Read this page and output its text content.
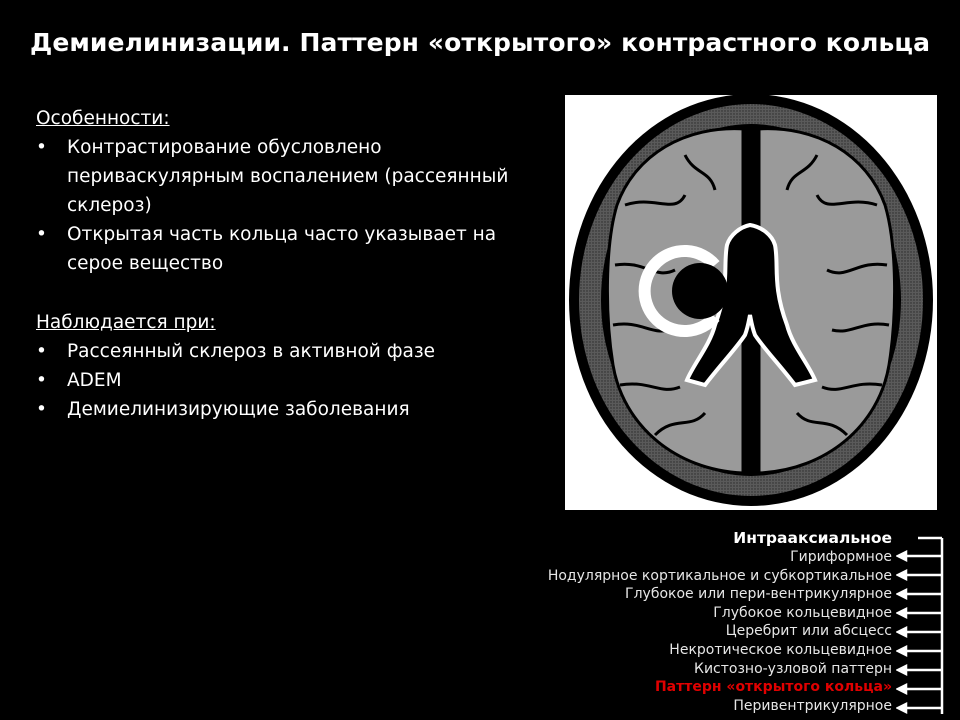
Демиелинизации. Паттерн «открытого» контрастного кольца
Особенности:
• Контрастирование обусловлено периваскулярным воспалением (рассеянный склероз)
• Открытая часть кольца часто указывает на серое вещество
Наблюдается при:
• Рассеянный склероз в активной фазе
• ADEM
• Демиелинизирующие заболевания
Интрааксиальное
Гириформное
Нодулярное кортикальное и субкортикальное
Глубокое или пери-вентрикулярное
Глубокое кольцевидное
Церебрит или абсцесс
Некротическое кольцевидное
Кистозно-узловой паттерн
Паттерн «открытого кольца»
Перивентрикулярное
